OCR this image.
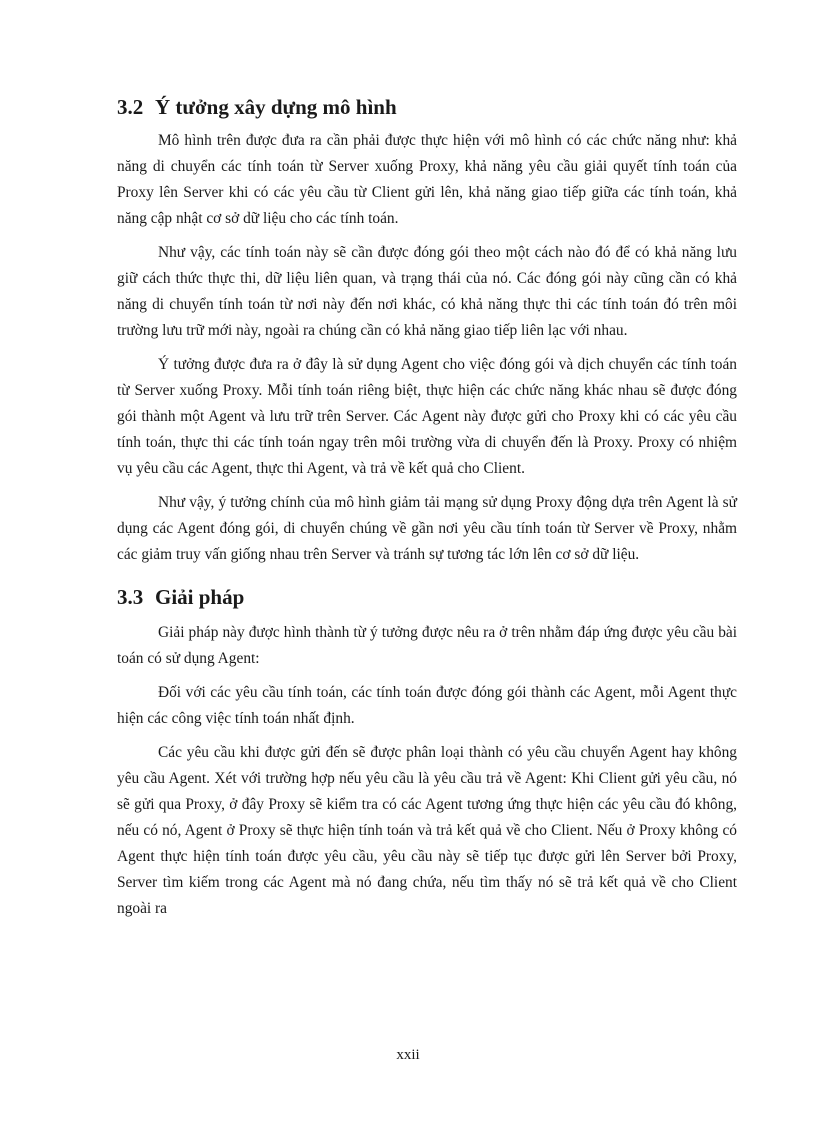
3.2 Ý tưởng xây dựng mô hình

Mô hình trên được đưa ra cần phải được thực hiện với mô hình có các chức năng như: khả năng di chuyển các tính toán từ Server xuống Proxy, khả năng yêu cầu giải quyết tính toán của Proxy lên Server khi có các yêu cầu từ Client gửi lên, khả năng giao tiếp giữa các tính toán, khả năng cập nhật cơ sở dữ liệu cho các tính toán.

Như vậy, các tính toán này sẽ cần được đóng gói theo một cách nào đó để có khả năng lưu giữ cách thức thực thi, dữ liệu liên quan, và trạng thái của nó. Các đóng gói này cũng cần có khả năng di chuyển tính toán từ nơi này đến nơi khác, có khả năng thực thi các tính toán đó trên môi trường lưu trữ mới này, ngoài ra chúng cần có khả năng giao tiếp liên lạc với nhau.

Ý tưởng được đưa ra ở đây là sử dụng Agent cho việc đóng gói và dịch chuyển các tính toán từ Server xuống Proxy. Mỗi tính toán riêng biệt, thực hiện các chức năng khác nhau sẽ được đóng gói thành một Agent và lưu trữ trên Server. Các Agent này được gửi cho Proxy khi có các yêu cầu tính toán, thực thi các tính toán ngay trên môi trường vừa di chuyển đến là Proxy. Proxy có nhiệm vụ yêu cầu các Agent, thực thi Agent, và trả về kết quả cho Client.

Như vậy, ý tưởng chính của mô hình giảm tải mạng sử dụng Proxy động dựa trên Agent là sử dụng các Agent đóng gói, di chuyển chúng về gần nơi yêu cầu tính toán từ Server về Proxy, nhằm các giảm truy vấn giống nhau trên Server và tránh sự tương tác lớn lên cơ sở dữ liệu.

3.3 Giải pháp

Giải pháp này được hình thành từ ý tưởng được nêu ra ở trên nhằm đáp ứng được yêu cầu bài toán có sử dụng Agent:

Đối với các yêu cầu tính toán, các tính toán được đóng gói thành các Agent, mỗi Agent thực hiện các công việc tính toán nhất định.

Các yêu cầu khi được gửi đến sẽ được phân loại thành có yêu cầu chuyển Agent hay không yêu cầu Agent. Xét với trường hợp nếu yêu cầu là yêu cầu trả về Agent: Khi Client gửi yêu cầu, nó sẽ gửi qua Proxy, ở đây Proxy sẽ kiểm tra có các Agent tương ứng thực hiện các yêu cầu đó không, nếu có nó, Agent ở Proxy sẽ thực hiện tính toán và trả kết quả về cho Client. Nếu ở Proxy không có Agent thực hiện tính toán được yêu cầu, yêu cầu này sẽ tiếp tục được gửi lên Server bởi Proxy, Server tìm kiếm trong các Agent mà nó đang chứa, nếu tìm thấy nó sẽ trả kết quả về cho Client ngoài ra

xxii
